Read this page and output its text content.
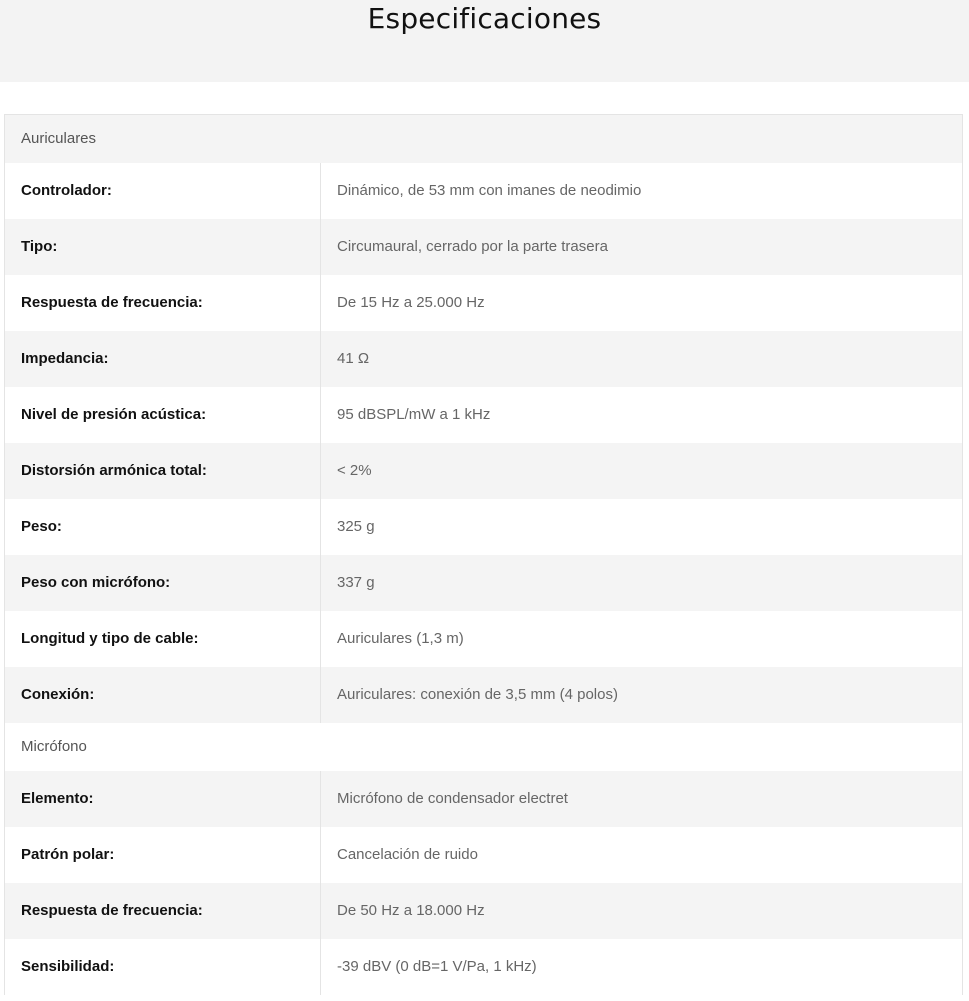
Especificaciones
Auriculares
Controlador:	Dinámico, de 53 mm con imanes de neodimio
Tipo:	Circumaural, cerrado por la parte trasera
Respuesta de frecuencia:	De 15 Hz a 25.000 Hz
Impedancia:	41 Ω
Nivel de presión acústica:	95 dBSPL/mW a 1 kHz
Distorsión armónica total:	< 2%
Peso:	325 g
Peso con micrófono:	337 g
Longitud y tipo de cable:	Auriculares (1,3 m)
Conexión:	Auriculares: conexión de 3,5 mm (4 polos)
Micrófono
Elemento:	Micrófono de condensador electret
Patrón polar:	Cancelación de ruido
Respuesta de frecuencia:	De 50 Hz a 18.000 Hz
Sensibilidad:	-39 dBV (0 dB=1 V/Pa, 1 kHz)
